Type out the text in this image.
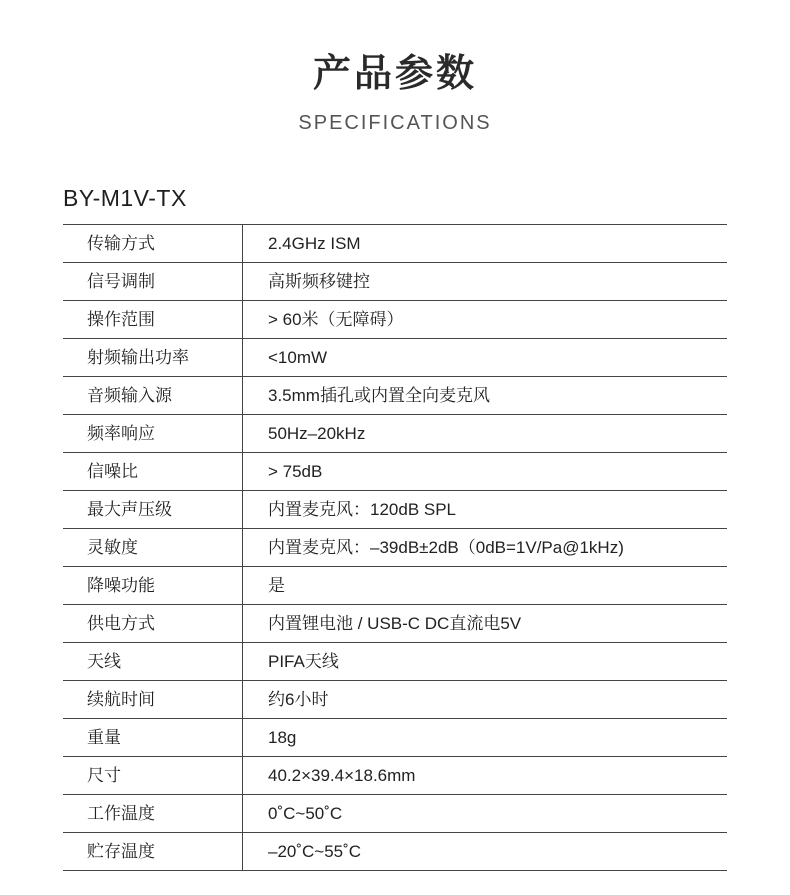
产品参数
SPECIFICATIONS
BY-M1V-TX
传输方式	2.4GHz ISM
信号调制	高斯频移键控
操作范围	> 60米（无障碍）
射频输出功率	<10mW
音频输入源	3.5mm插孔或内置全向麦克风
频率响应	50Hz–20kHz
信噪比	> 75dB
最大声压级	内置麦克风：120dB SPL
灵敏度	内置麦克风：–39dB±2dB（0dB=1V/Pa@1kHz)
降噪功能	是
供电方式	内置锂电池 / USB-C DC直流电5V
天线	PIFA天线
续航时间	约6小时
重量	18g
尺寸	40.2×39.4×18.6mm
工作温度	0˚C~50˚C
贮存温度	–20˚C~55˚C
